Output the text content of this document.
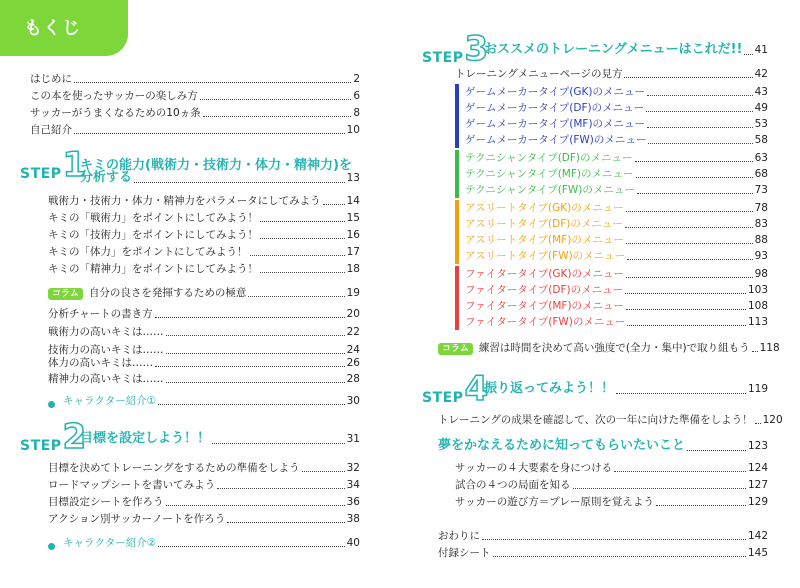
もくじ
はじめに	2
この本を使ったサッカーの楽しみ方	6
サッカーがうまくなるための10ヵ条	8
自己紹介	10
STEP 1
キミの能力(戦術力・技術力・体力・精神力)を
分析する	13
戦術力・技術力・体力・精神力をパラメータにしてみよう 14
キミの「戦術力」をポイントにしてみよう！	15
キミの「技術力」をポイントにしてみよう！	16
キミの「体力」をポイントにしてみよう！	17
キミの「精神力」をポイントにしてみよう！	18
コラム 自分の良さを発揮するための極意	19
分析チャートの書き方	20
戦術力の高いキミは……	22
技術力の高いキミは……	24
体力の高いキミは……	26
精神力の高いキミは……	28
キャラクター紹介①	30
STEP 2
目標を設定しよう！！	31
目標を決めてトレーニングをするための準備をしよう	32
ロードマップシートを書いてみよう	34
目標設定シートを作ろう	36
アクション別サッカーノートを作ろう	38
キャラクター紹介②	40
STEP 3
おススメのトレーニングメニューはこれだ!! 41
トレーニングメニューページの見方	42
ゲームメーカータイプ(GK)のメニュー	43
ゲームメーカータイプ(DF)のメニュー	49
ゲームメーカータイプ(MF)のメニュー	53
ゲームメーカータイプ(FW)のメニュー	58
テクニシャンタイプ(DF)のメニュー	63
テクニシャンタイプ(MF)のメニュー	68
テクニシャンタイプ(FW)のメニュー	73
アスリートタイプ(GK)のメニュー	78
アスリートタイプ(DF)のメニュー	83
アスリートタイプ(MF)のメニュー	88
アスリートタイプ(FW)のメニュー	93
ファイタータイプ(GK)のメニュー	98
ファイタータイプ(DF)のメニュー	103
ファイタータイプ(MF)のメニュー	108
ファイタータイプ(FW)のメニュー	113
コラム 練習は時間を決めて高い強度で(全力・集中)で取り組もう 118
STEP 4
振り返ってみよう！！	119
トレーニングの成果を確認して、次の一年に向けた準備をしよう！ 120
夢をかなえるために知ってもらいたいこと	123
サッカーの４大要素を身につける	124
試合の４つの局面を知る	127
サッカーの遊び方＝プレー原則を覚えよう	129
おわりに	142
付録シート	145
